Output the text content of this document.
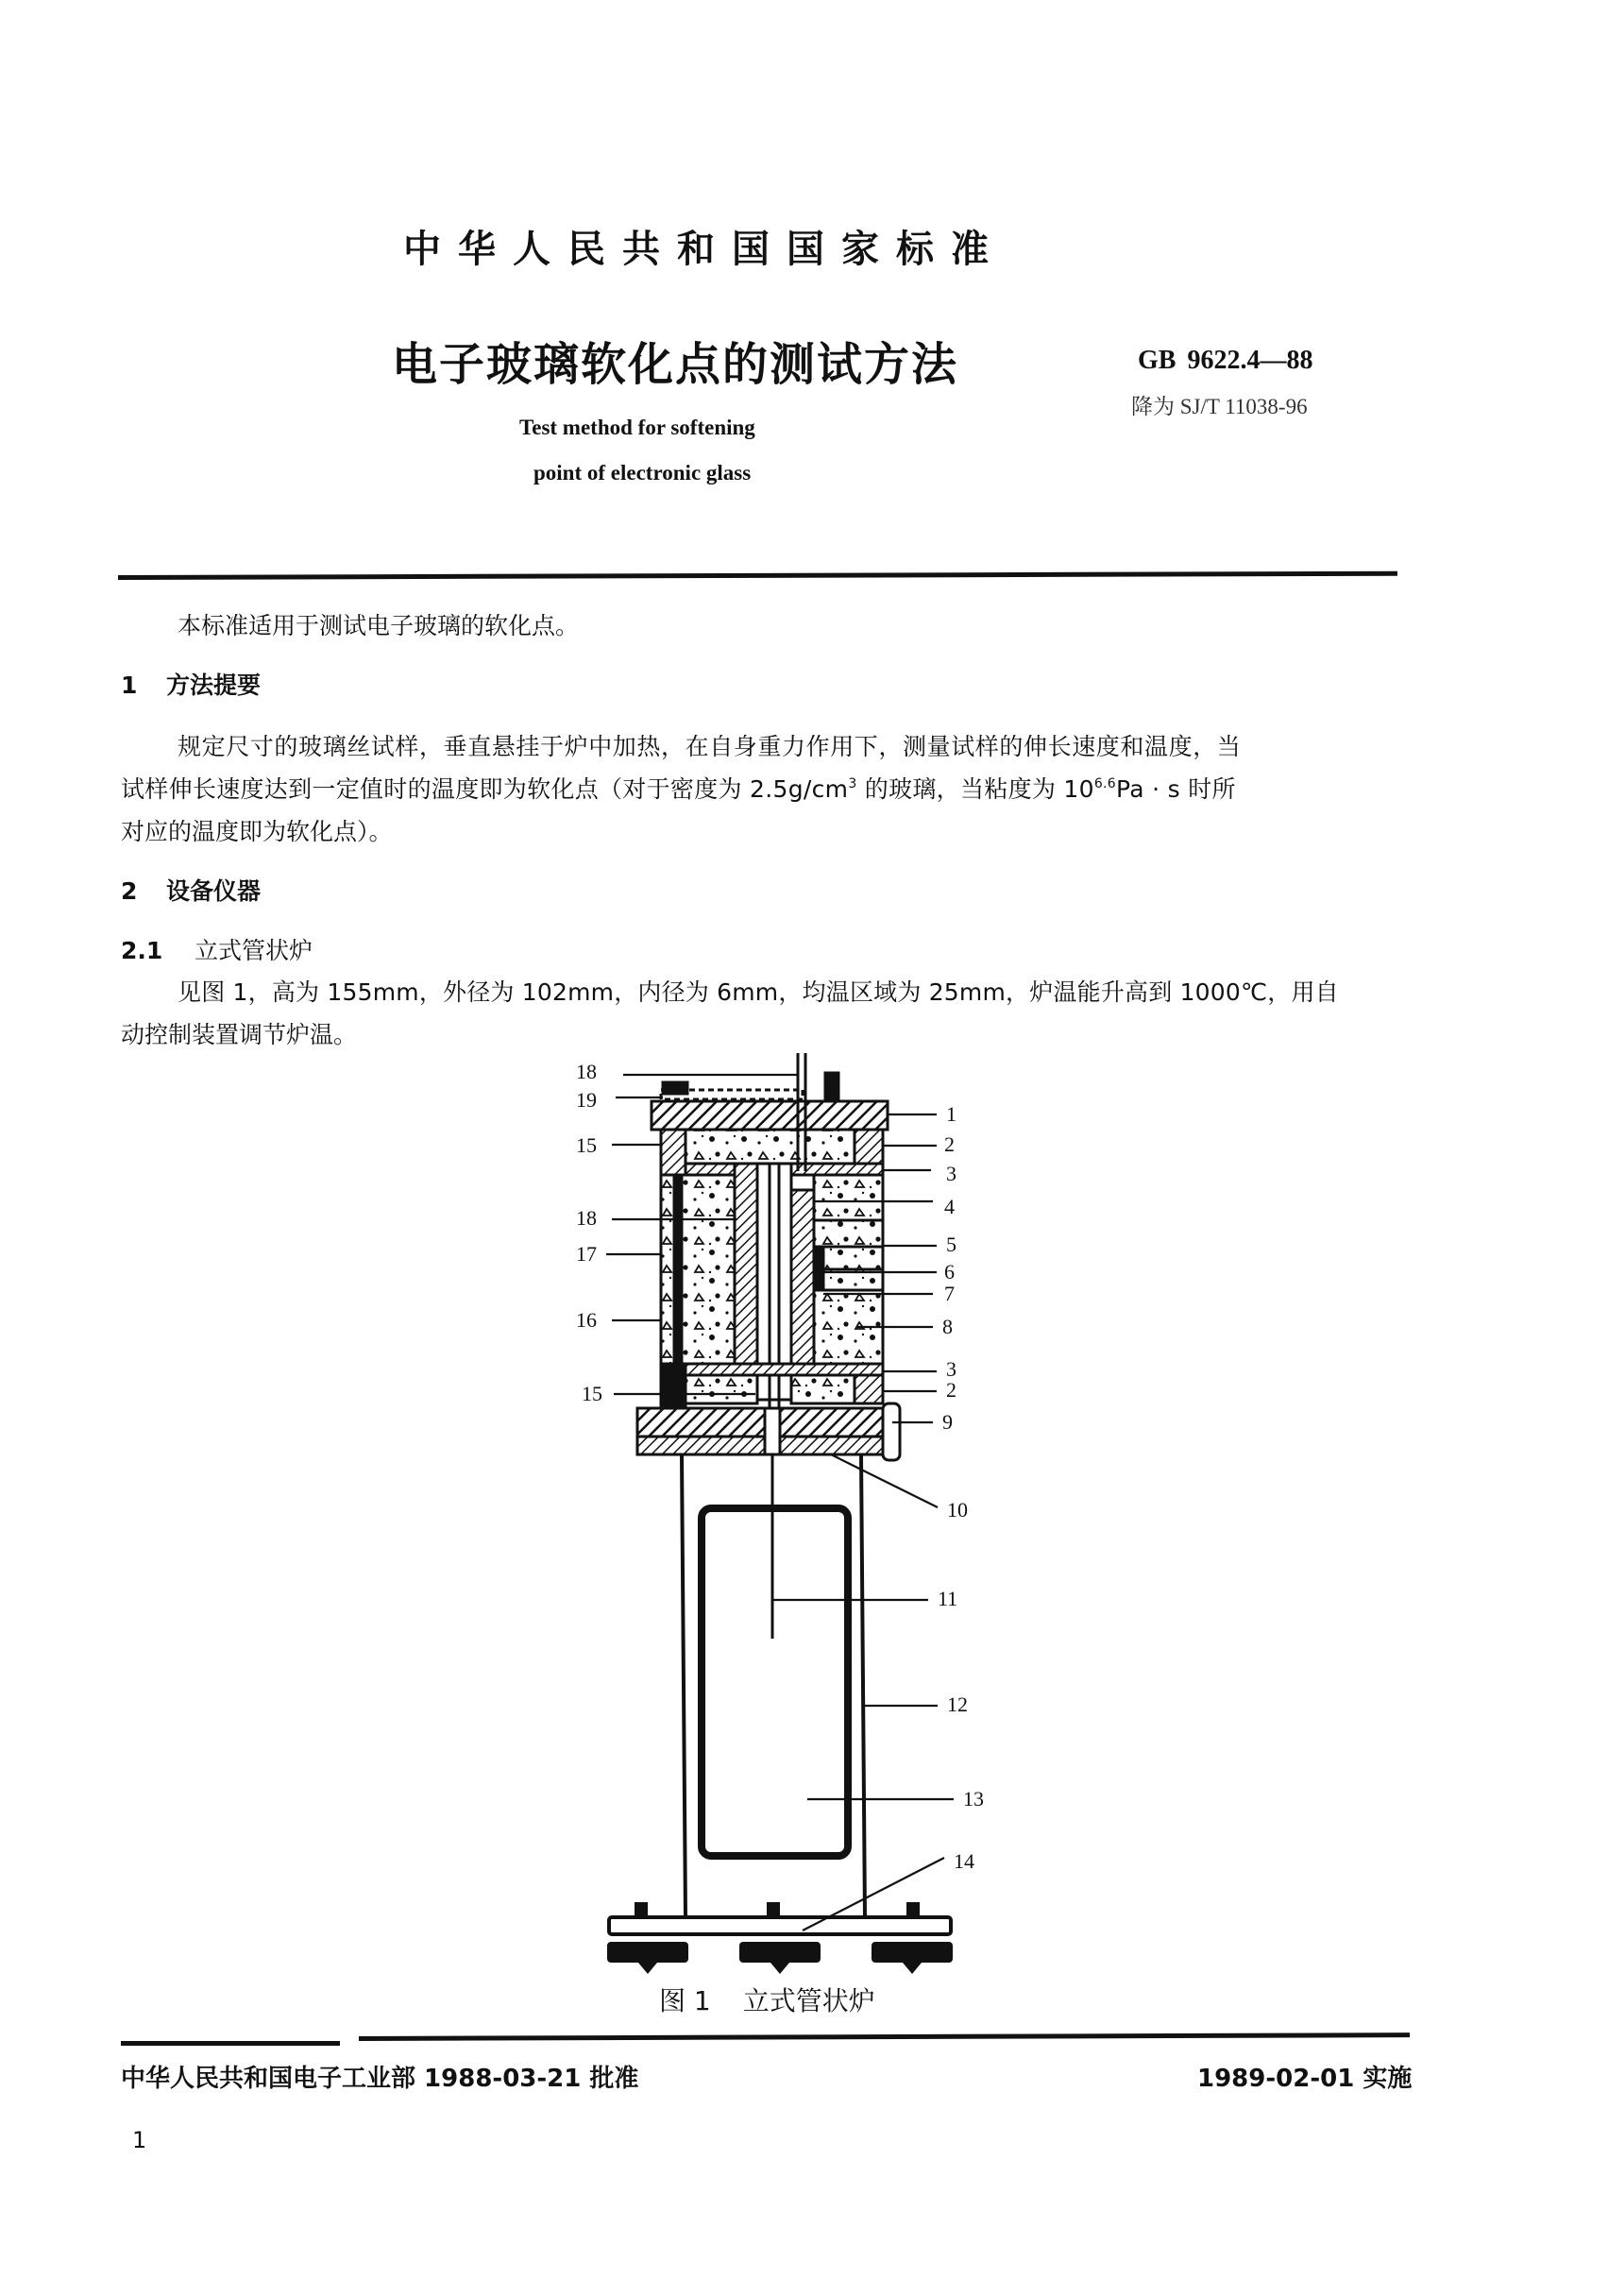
中华人民共和国国家标准
电子玻璃软化点的测试方法	GB 9622.4—88
降为 SJ/T 11038-96
Test method for softening
point of electronic glass
本标准适用于测试电子玻璃的软化点。
1 方法提要
规定尺寸的玻璃丝试样，垂直悬挂于炉中加热，在自身重力作用下，测量试样的伸长速度和温度，当
试样伸长速度达到一定值时的温度即为软化点（对于密度为 $2.5g/cm^3$ 的玻璃，当粘度为 $10^{6.6}Pa \cdot s$ 时所
对应的温度即为软化点）。
2 设备仪器
2.1 立式管状炉
见图 1，高为 155mm，外径为 102mm，内径为 6mm，均温区域为 25mm，炉温能升高到 1000℃，用自
动控制装置调节炉温。
18
19
15
18
17
16
15
1
2
3
4
5
6
7
8
3
2
9
10
11
12
13
14
图 1 立式管状炉
中华人民共和国电子工业部 1988-03-21 批准	1989-02-01 实施
1
